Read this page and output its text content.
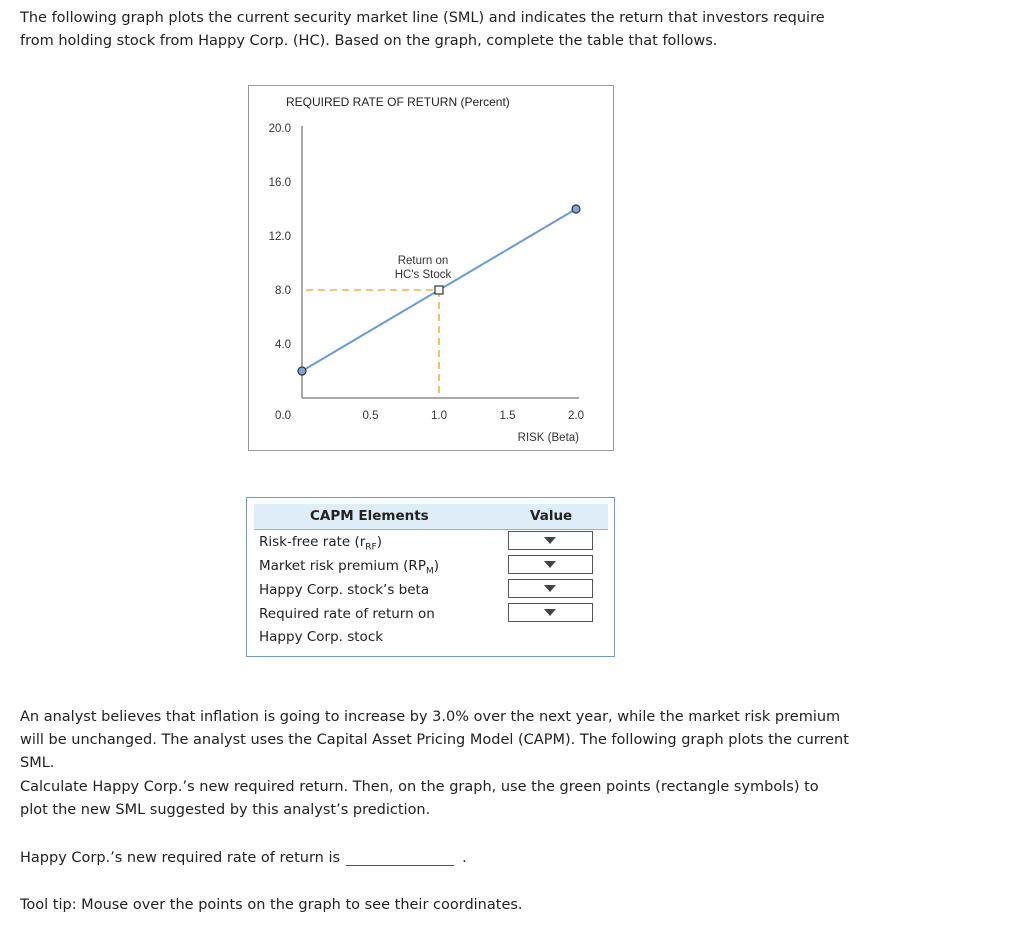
The following graph plots the current security market line (SML) and indicates the return that investors require from holding stock from Happy Corp. (HC). Based on the graph, complete the table that follows.

REQUIRED RATE OF RETURN (Percent)
20.0
16.0
12.0
8.0
4.0
0.0	0.5	1.0	1.5	2.0
RISK (Beta)
Return on
HC's Stock
CAPM Elements	Value
Risk-free rate $(r_{RF})$
Market risk premium $(RP_M)$
Happy Corp. stock’s beta
Required rate of return on
Happy Corp. stock

An analyst believes that inflation is going to increase by 3.0% over the next year, while the market risk premium will be unchanged. The analyst uses the Capital Asset Pricing Model (CAPM). The following graph plots the current SML.

Calculate Happy Corp.’s new required return. Then, on the graph, use the green points (rectangle symbols) to plot the new SML suggested by this analyst’s prediction.

Happy Corp.’s new required rate of return is	.

Tool tip: Mouse over the points on the graph to see their coordinates.
